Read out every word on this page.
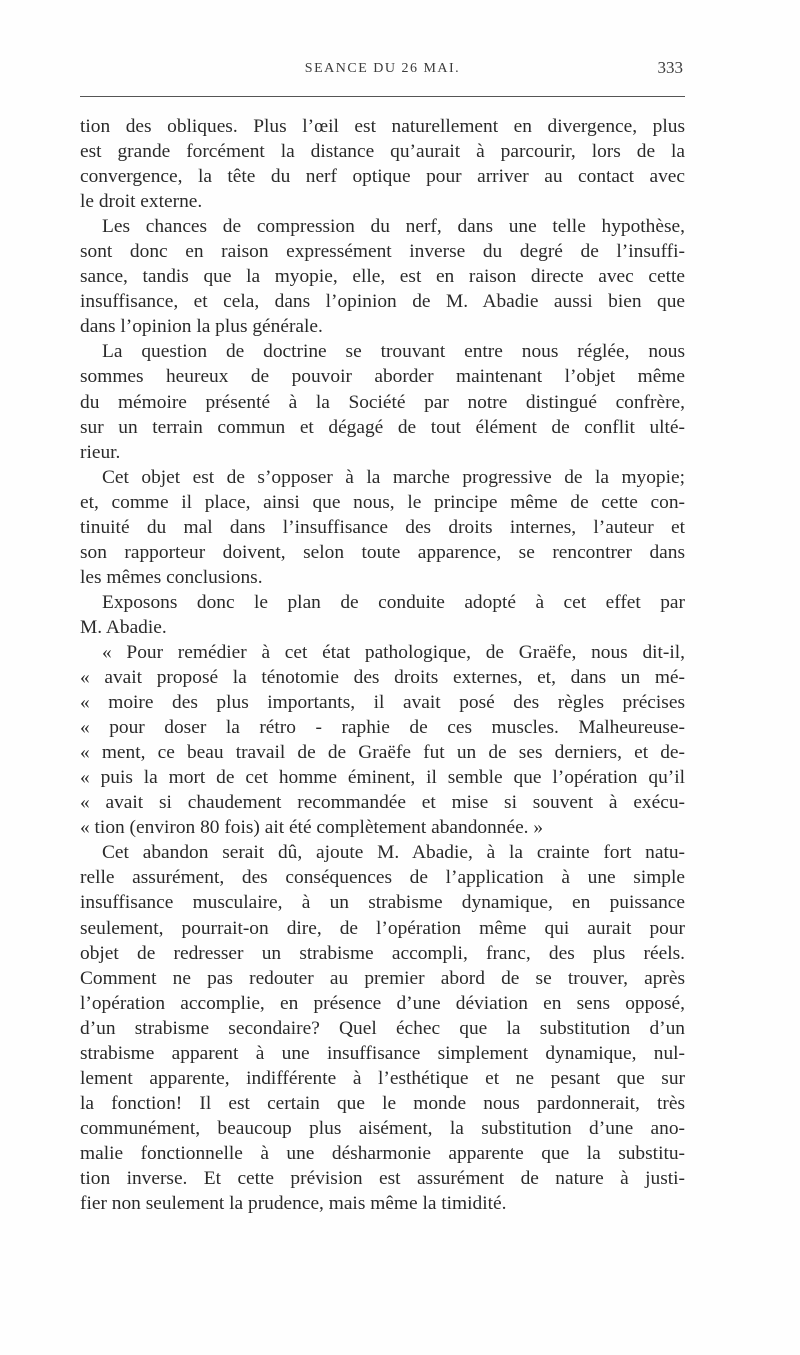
SEANCE DU 26 MAI.	333
tion des obliques. Plus l’œil est naturellement en divergence, plus
est grande forcément la distance qu’aurait à parcourir, lors de la
convergence, la tête du nerf optique pour arriver au contact avec
le droit externe.
Les chances de compression du nerf, dans une telle hypothèse,
sont donc en raison expressément inverse du degré de l’insuffi-
sance, tandis que la myopie, elle, est en raison directe avec cette
insuffisance, et cela, dans l’opinion de M. Abadie aussi bien que
dans l’opinion la plus générale.
La question de doctrine se trouvant entre nous réglée, nous
sommes heureux de pouvoir aborder maintenant l’objet même
du mémoire présenté à la Société par notre distingué confrère,
sur un terrain commun et dégagé de tout élément de conflit ulté-
rieur.
Cet objet est de s’opposer à la marche progressive de la myopie;
et, comme il place, ainsi que nous, le principe même de cette con-
tinuité du mal dans l’insuffisance des droits internes, l’auteur et
son rapporteur doivent, selon toute apparence, se rencontrer dans
les mêmes conclusions.
Exposons donc le plan de conduite adopté à cet effet par
M. Abadie.
« Pour remédier à cet état pathologique, de Graëfe, nous dit-il,
« avait proposé la ténotomie des droits externes, et, dans un mé-
« moire des plus importants, il avait posé des règles précises
« pour doser la rétro - raphie de ces muscles. Malheureuse-
« ment, ce beau travail de de Graëfe fut un de ses derniers, et de-
« puis la mort de cet homme éminent, il semble que l’opération qu’il
« avait si chaudement recommandée et mise si souvent à exécu-
« tion (environ 80 fois) ait été complètement abandonnée. »
Cet abandon serait dû, ajoute M. Abadie, à la crainte fort natu-
relle assurément, des conséquences de l’application à une simple
insuffisance musculaire, à un strabisme dynamique, en puissance
seulement, pourrait-on dire, de l’opération même qui aurait pour
objet de redresser un strabisme accompli, franc, des plus réels.
Comment ne pas redouter au premier abord de se trouver, après
l’opération accomplie, en présence d’une déviation en sens opposé,
d’un strabisme secondaire? Quel échec que la substitution d’un
strabisme apparent à une insuffisance simplement dynamique, nul-
lement apparente, indifférente à l’esthétique et ne pesant que sur
la fonction! Il est certain que le monde nous pardonnerait, très
communément, beaucoup plus aisément, la substitution d’une ano-
malie fonctionnelle à une désharmonie apparente que la substitu-
tion inverse. Et cette prévision est assurément de nature à justi-
fier non seulement la prudence, mais même la timidité.
